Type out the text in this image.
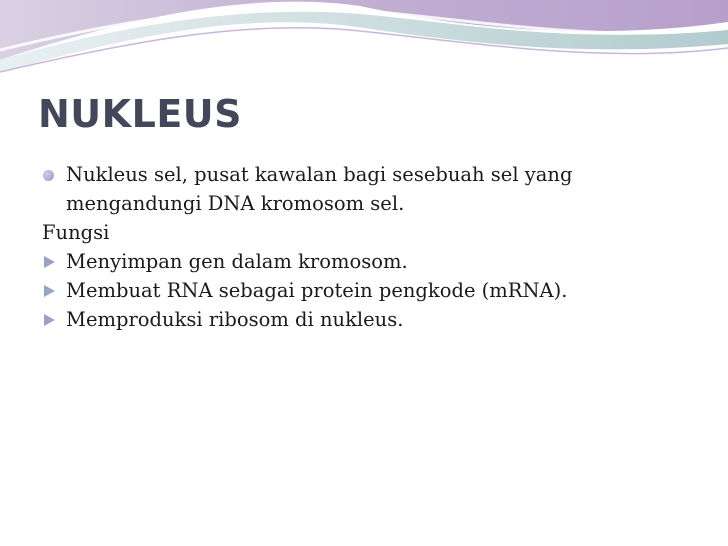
NUKLEUS
Nukleus sel, pusat kawalan bagi sesebuah sel yang mengandungi DNA kromosom sel.
Fungsi
Menyimpan gen dalam kromosom.
Membuat RNA sebagai protein pengkode (mRNA).
Memproduksi ribosom di nukleus.
